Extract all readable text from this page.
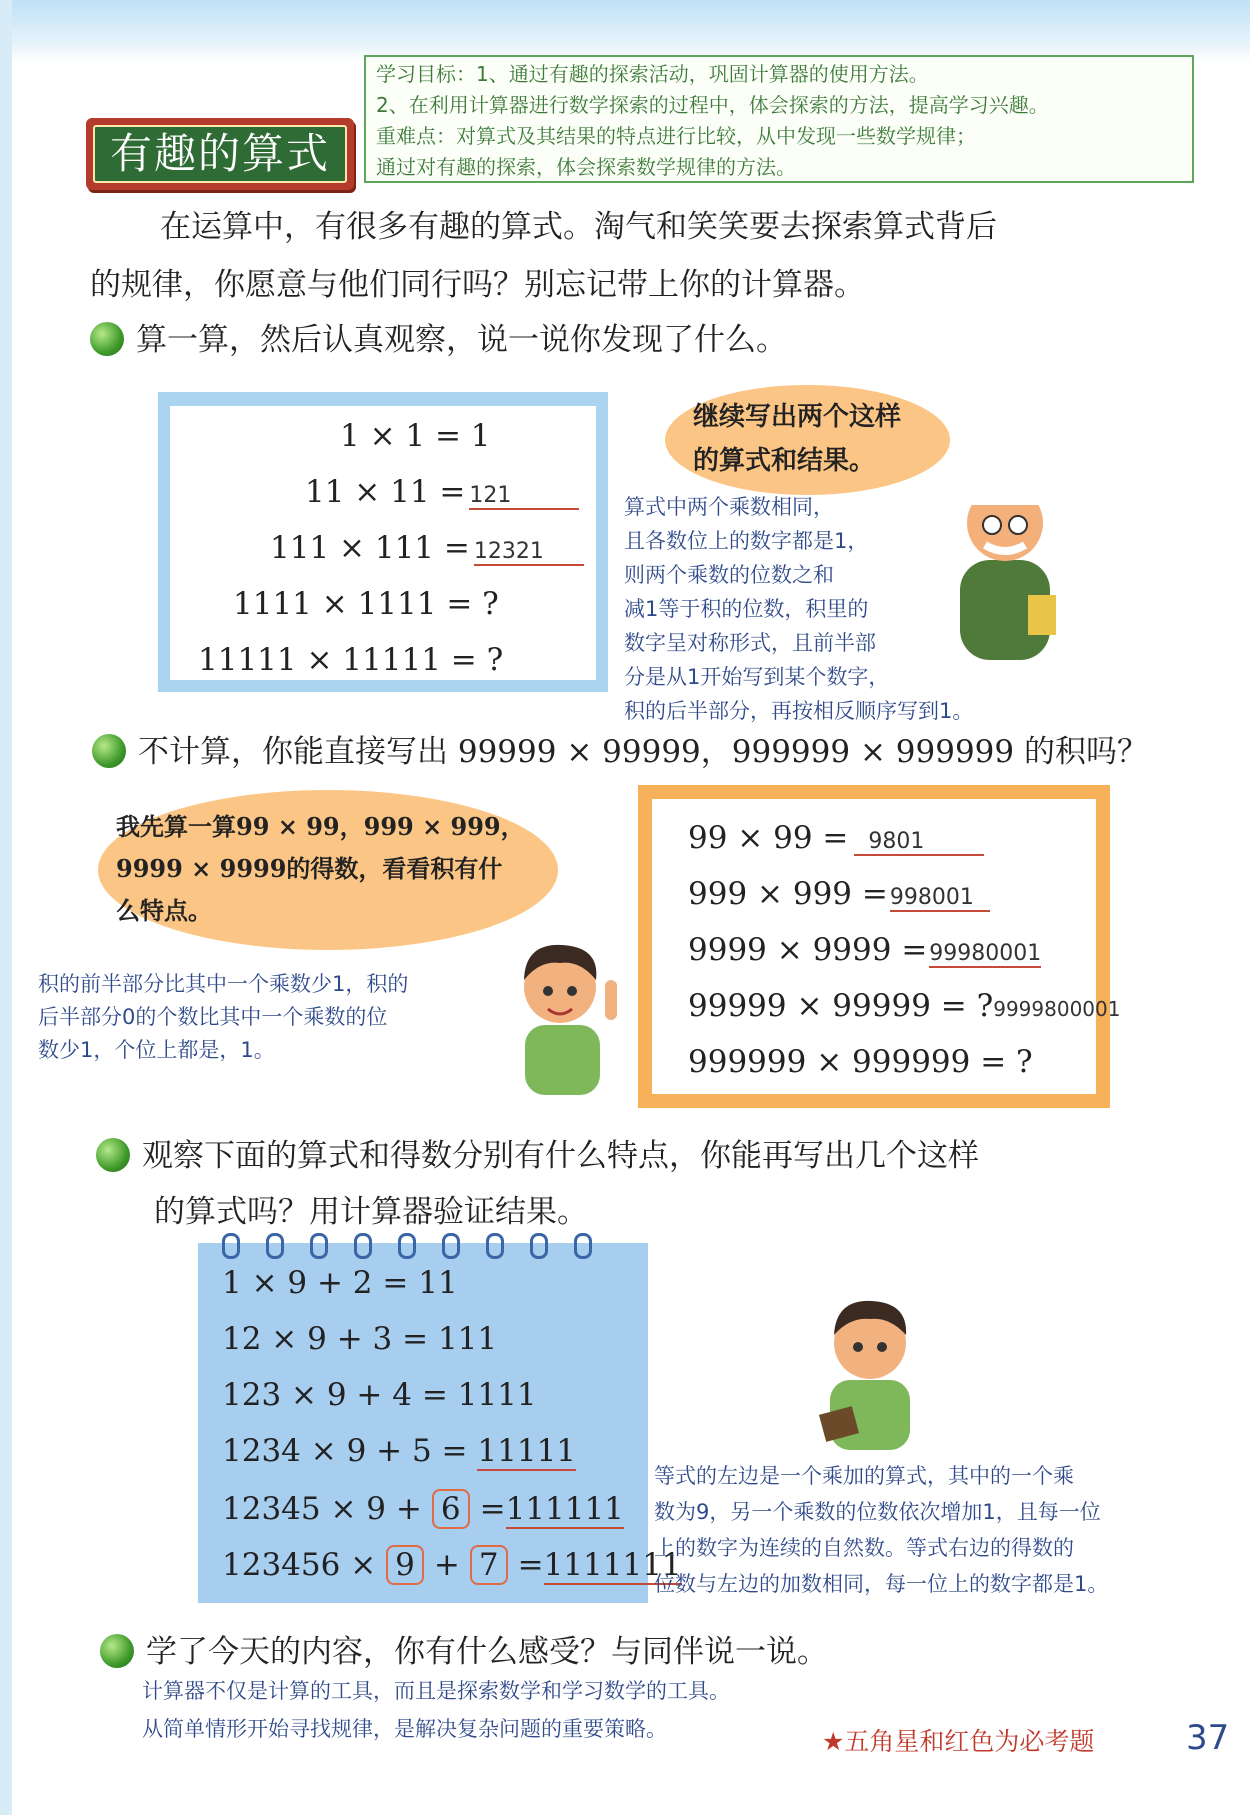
学习目标：1、通过有趣的探索活动，巩固计算器的使用方法。
2、在利用计算器进行数学探索的过程中，体会探索的方法，提高学习兴趣。
重难点：对算式及其结果的特点进行比较，从中发现一些数学规律；
通过对有趣的探索，体会探索数学规律的方法。
有趣的算式
在运算中，有很多有趣的算式。淘气和笑笑要去探索算式背后
的规律，你愿意与他们同行吗？别忘记带上你的计算器。
算一算，然后认真观察，说一说你发现了什么。
1 × 1 = 1
11 × 11 = 121
111 × 111 = 12321
1111 × 1111 = ?
11111 × 11111 = ?
继续写出两个这样
的算式和结果。
算式中两个乘数相同，
且各数位上的数字都是1，
则两个乘数的位数之和
减1等于积的位数，积里的
数字呈对称形式，且前半部
分是从1开始写到某个数字，
积的后半部分，再按相反顺序写到1。
不计算，你能直接写出 99999 × 99999，999999 × 999999 的积吗？
我先算一算99 × 99，999 × 999，
9999 × 9999的得数，看看积有什
么特点。
积的前半部分比其中一个乘数少1，积的
后半部分0的个数比其中一个乘数的位
数少1，个位上都是，1。
99 × 99 = 9801
999 × 999 =998001
9999 × 9999 =99980001
99999 × 99999 = ?9999800001
999999 × 999999 = ?
观察下面的算式和得数分别有什么特点，你能再写出几个这样
的算式吗？用计算器验证结果。
1 × 9 + 2 = 11
12 × 9 + 3 = 111
123 × 9 + 4 = 1111
1234 × 9 + 5 = 11111
12345 × 9 + 6 =111111
123456 × 9 + 7 =1111111
等式的左边是一个乘加的算式，其中的一个乘
数为9，另一个乘数的位数依次增加1，且每一位
上的数字为连续的自然数。等式右边的得数的
位数与左边的加数相同，每一位上的数字都是1。
学了今天的内容，你有什么感受？与同伴说一说。
计算器不仅是计算的工具，而且是探索数学和学习数学的工具。
从简单情形开始寻找规律，是解决复杂问题的重要策略。	★五角星和红色为必考题	37
